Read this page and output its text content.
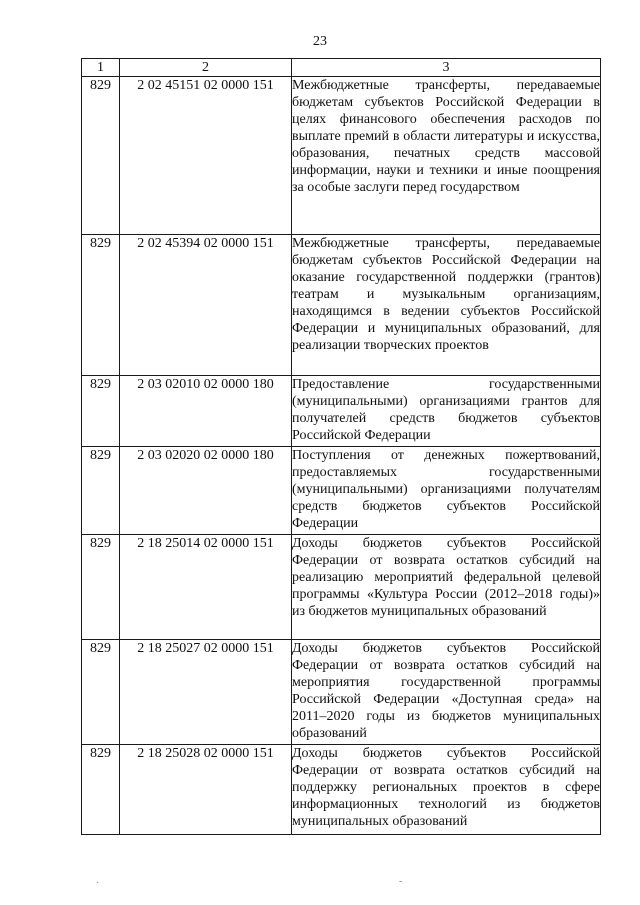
23
1	2	3
829	2 02 45151 02 0000 151	Межбюджетные трансферты, передаваемые бюджетам субъектов Российской Федерации в целях финансового обеспечения расходов по выплате премий в области литературы и искусства, образования, печатных средств массовой информации, науки и техники и иные поощрения за особые заслуги перед государством
829	2 02 45394 02 0000 151	Межбюджетные трансферты, передаваемые бюджетам субъектов Российской Федерации на оказание государственной поддержки (грантов) театрам и музыкальным организациям, находящимся в ведении субъектов Российской Федерации и муниципальных образований, для реализации творческих проектов
829	2 03 02010 02 0000 180	Предоставление государственными (муниципальными) организациями грантов для получателей средств бюджетов субъектов Российской Федерации
829	2 03 02020 02 0000 180	Поступления от денежных пожертвований, предоставляемых государственными (муниципальными) организациями получателям средств бюджетов субъектов Российской Федерации
829	2 18 25014 02 0000 151	Доходы бюджетов субъектов Российской Федерации от возврата остатков субсидий на реализацию мероприятий федеральной целевой программы «Культура России (2012–2018 годы)» из бюджетов муниципальных образований
829	2 18 25027 02 0000 151	Доходы бюджетов субъектов Российской Федерации от возврата остатков субсидий на мероприятия государственной программы Российской Федерации «Доступная среда» на 2011–2020 годы из бюджетов муниципальных образований
829	2 18 25028 02 0000 151	Доходы бюджетов субъектов Российской Федерации от возврата остатков субсидий на поддержку региональных проектов в сфере информационных технологий из бюджетов муниципальных образований
·	-
